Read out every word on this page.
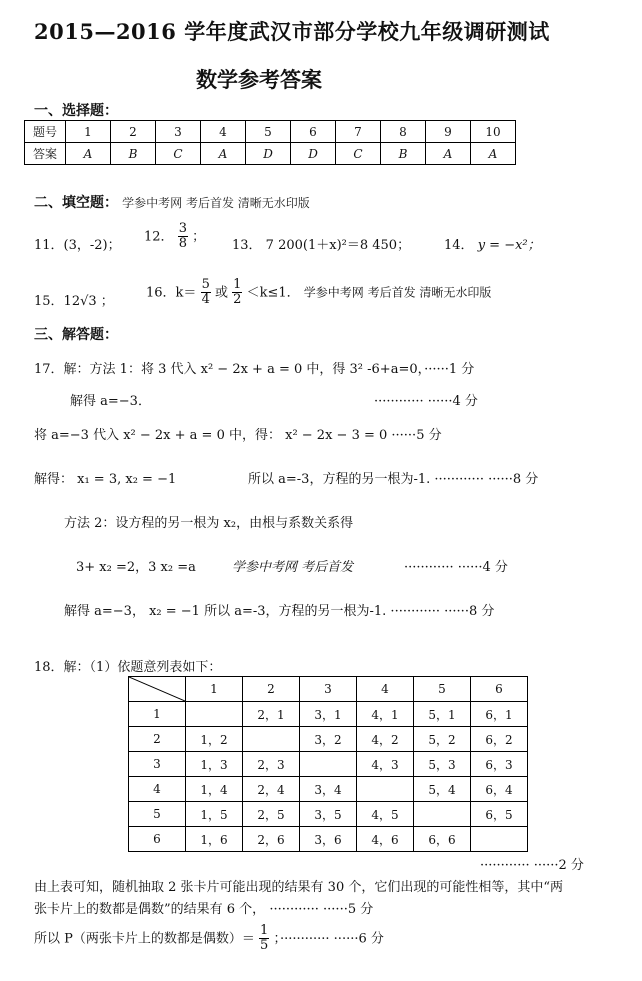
2015—2016 学年度武汉市部分学校九年级调研测试
数学参考答案
一、选择题：
题号	1	2	3	4	5	6	7	8	9	10
答案	A	B	C	A	D	D	C	B	A	A
二、填空题： 学参中考网 考后首发 清晰无水印版
11．(3，-2)；
12． $\frac{3}{8}$ ；
13． 7 200(1＋x)²＝8 450；	14． y = −x²；
15．12√3 ；
16．$k= \frac{5}{4}$ 或 $\frac{1}{2} <k\le 1$． 学参中考网 考后首发 清晰无水印版
三、解答题：
17．解：方法 1：将 3 代入 x² − 2x + a = 0 中，得 3² -6+a=0，······1 分
解得 a=−3．	············ ······4 分
将 a=−3 代入 x² − 2x + a = 0 中，得： x² − 2x − 3 = 0 ······5 分
解得： x₁ = 3, x₂ = −1	所以 a=-3，方程的另一根为-1. ············ ······8 分
方法 2：设方程的另一根为 x₂，由根与系数关系得
3+ x₂ =2，3 x₂ =a	学参中考网 考后首发	············ ······4 分
解得 a=−3， x₂ = −1 所以 a=-3，方程的另一根为-1. ············ ······8 分
18．解：（1）依题意列表如下：
	1	2	3	4	5	6
1		2，1	3，1	4，1	5，1	6，1
2	1，2		3，2	4，2	5，2	6，2
3	1，3	2，3		4，3	5，3	6，3
4	1，4	2，4	3，4		5，4	6，4
5	1，5	2，5	3，5	4，5		6，5
6	1，6	2，6	3，6	4，6	6，6	
············ ······2 分
由上表可知，随机抽取 2 张卡片可能出现的结果有 30 个，它们出现的可能性相等，其中“两
张卡片上的数都是偶数”的结果有 6 个， ············ ······5 分
所以 P（两张卡片上的数都是偶数）＝ $\frac{1}{5}$ ；············ ······6 分
